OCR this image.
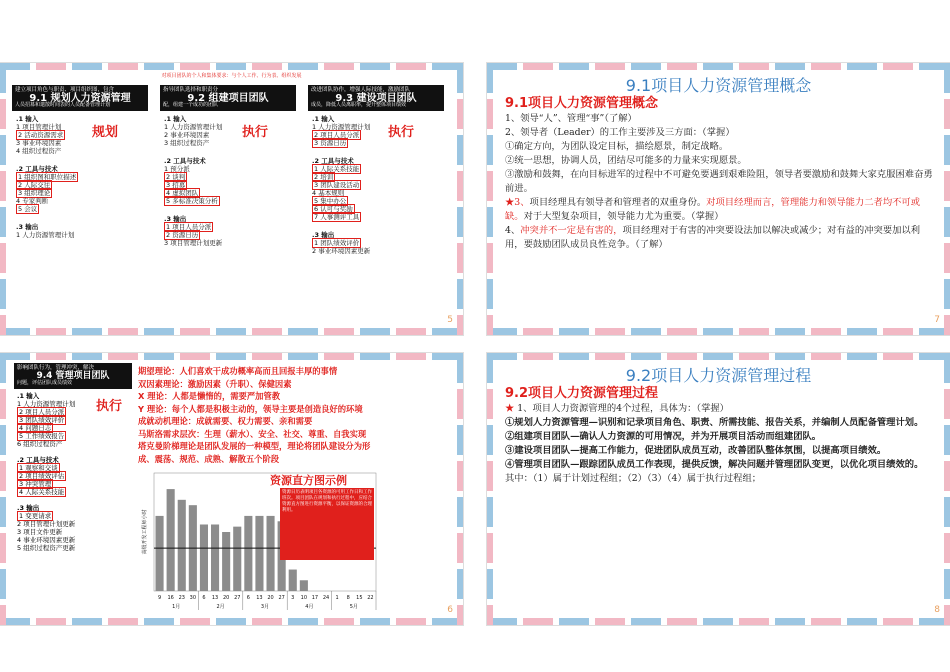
对项目团队的个人和集体要求：与个人工作、行为表、组织发展
建立项目角色与职责、项目组织图，包含
9.1 规划人力资源管理
人员招募和遣散时间表的人员配备管理计划
规划
.1 输入
1 项目管理计划
2 活动资源需求
3 事业环境因素
4 组织过程资产
.2 工具与技术
1 组织图和职位描述
2 人际交往
3 组织理论
4 专家判断
5 会议
.3 输出
1 人力资源管理计划
指导团队选择和职责分
9.2 组建项目团队
配，组建一个成功的团队
执行
.1 输入
1 人力资源管理计划
2 事业环境因素
3 组织过程资产
.2 工具与技术
1 预分派
2 谈判
3 招募
4 虚拟团队
5 多标准决策分析
.3 输出
1 项目人员分派
2 资源日历
3 项目管理计划更新
改进团队协作，增强人际技能，激励团队
9.3 建设项目团队
成员，降低人员离职率，提升整体项目绩效
执行
.1 输入
1 人力资源管理计划
2 项目人员分派
3 资源日历
.2 工具与技术
1 人际关系技能
2 培训
3 团队建设活动
4 基本规则
5 集中办公
6 认可与奖励
7 人事测评工具
.3 输出
1 团队绩效评价
2 事业环境因素更新
5
9.1项目人力资源管理概念
9.1项目人力资源管理概念

1、领导“人”、管理“事”（了解）

2、领导者（Leader）的工作主要涉及三方面：（掌握）

①确定方向，为团队设定目标，描绘愿景，制定战略。

②统一思想，协调人员，团结尽可能多的力量来实现愿景。

③激励和鼓舞，在向目标进军的过程中不可避免要遇到艰难险阻，领导者要激励和鼓舞大家克服困难奋勇前进。

★3、项目经理具有领导者和管理者的双重身份。对项目经理而言，管理能力和领导能力二者均不可或缺。对于大型复杂项目，领导能力尤为重要。（掌握）

4、冲突并不一定是有害的，项目经理对于有害的冲突要设法加以解决或减少；对有益的冲突要加以利用，要鼓励团队成员良性竞争。（了解）

7
影响团队行为，管理冲突，解决
9.4 管理项目团队
问题，评估团队成员绩效
执行
.1 输入
1 人力资源管理计划
2 项目人员分派
3 团队绩效评价
4 问题日志
5 工作绩效报告
6 组织过程资产
.2 工具与技术
1 观察和交谈
2 项目绩效评估
3 冲突管理
4 人际关系技能
.3 输出
1 变更请求
2 项目管理计划更新
3 项目文件更新
4 事业环境因素更新
5 组织过程资产更新
期望理论：人们喜欢干成功概率高而且回报丰厚的事情
双因素理论：激励因素（升职）、保健因素
X 理论：人都是懒惰的，需要严加管教
Y 理论：每个人都是积极主动的，领导主要是创造良好的环境
成就动机理论：成就需要、权力需要、亲和需要
马斯洛需求层次：生理（薪水）、安全、社交、尊重、自我实现
塔克曼阶梯理论是团队发展的一种模型，理论将团队建设分为形
成、震荡、规范、成熟、解散五个阶段
9 16 23 30 6 13 20 27 6 13 20 27 3 10 17 24 1 8 15 22
1月	2月	3月	4月	5月
高级开发工程师小时
资源直方图示例
资源日历表明项目各资源的可用工作日和工作班次。项目团队在规划和执行过程中，应结合资源直方图进行资源平衡，以保证资源的合理利用。
6
9.2项目人力资源管理过程
9.2项目人力资源管理过程

★ 1、项目人力资源管理的4个过程，具体为：（掌握）

①规划人力资源管理—识别和记录项目角色、职责、所需技能、报告关系，并编制人员配备管理计划。

②组建项目团队—确认人力资源的可用情况，并为开展项目活动而组建团队。

③建设项目团队—提高工作能力，促进团队成员互动，改善团队整体氛围，以提高项目绩效。

④管理项目团队—跟踪团队成员工作表现，提供反馈，解决问题并管理团队变更，以优化项目绩效的。

其中：（1）属于计划过程组；（2）（3）（4）属于执行过程组；

8
